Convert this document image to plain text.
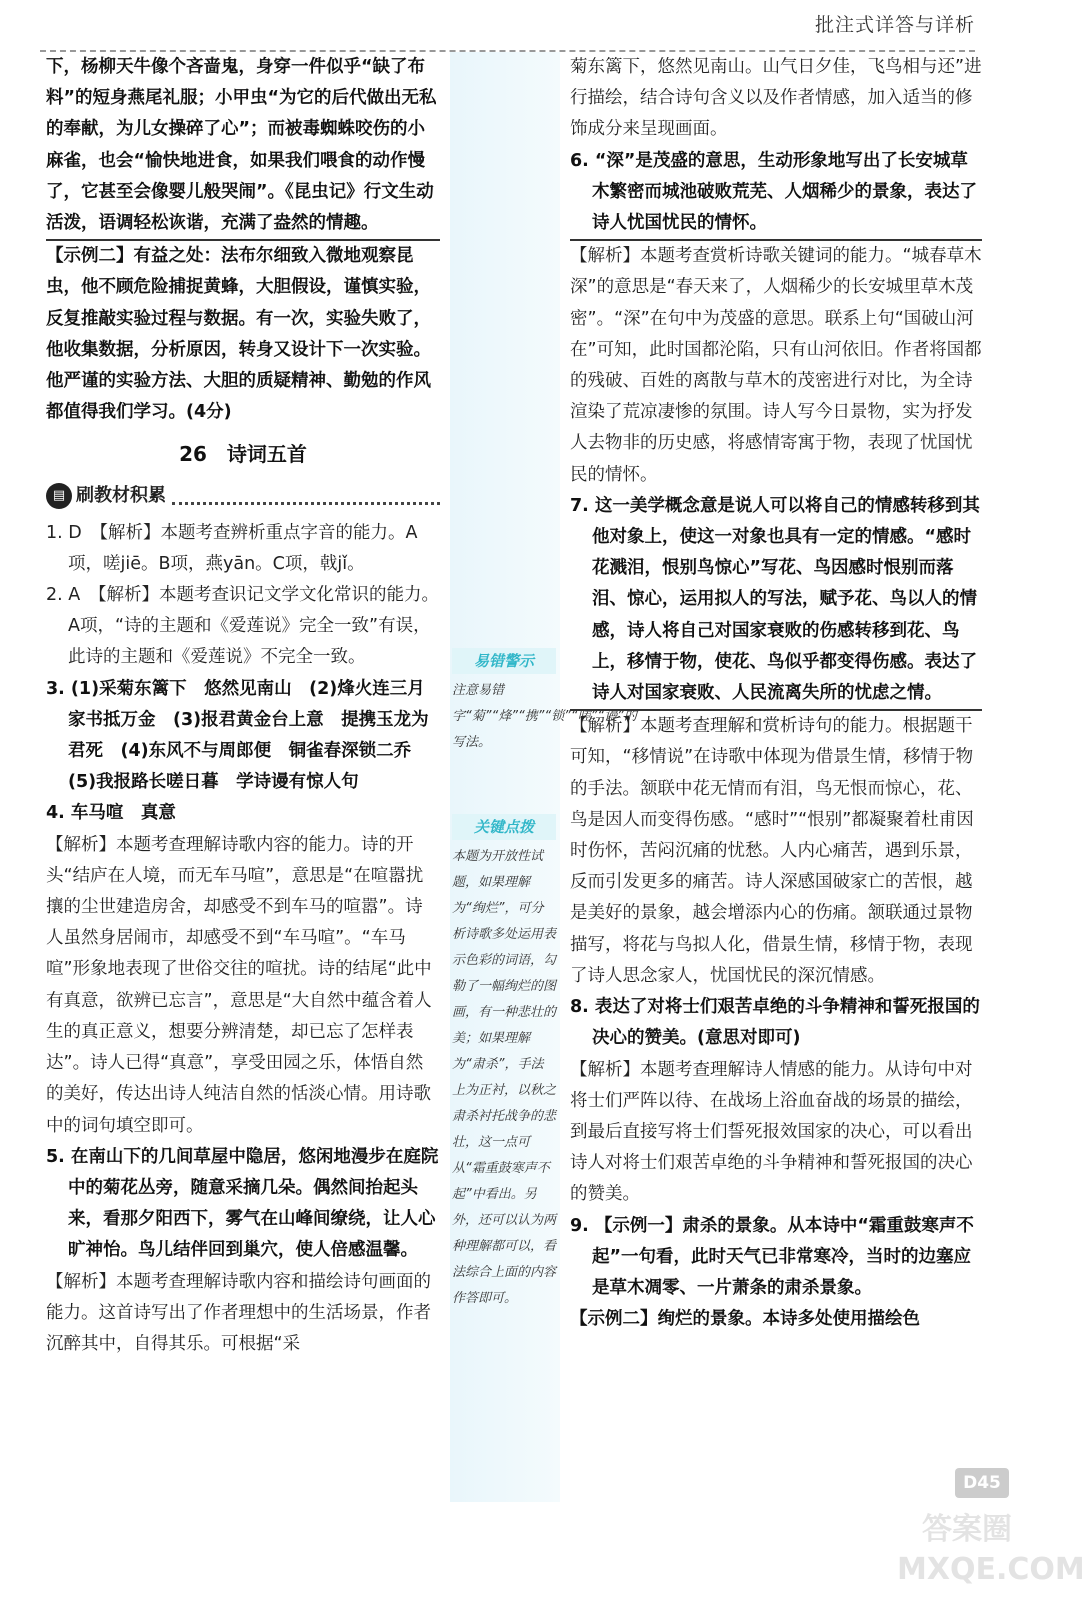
批注式详答与详析

下，杨柳天牛像个吝啬鬼，身穿一件似乎“缺了布料”的短身燕尾礼服；小甲虫“为它的后代做出无私的奉献，为儿女操碎了心”；而被毒蜘蛛咬伤的小麻雀，也会“愉快地进食，如果我们喂食的动作慢了，它甚至会像婴儿般哭闹”。《昆虫记》行文生动活泼，语调轻松诙谐，充满了盎然的情趣。

【示例二】有益之处：法布尔细致入微地观察昆虫，他不顾危险捕捉黄蜂，大胆假设，谨慎实验，反复推敲实验过程与数据。有一次，实验失败了，他收集数据，分析原因，转身又设计下一次实验。他严谨的实验方法、大胆的质疑精神、勤勉的作风都值得我们学习。(4分)

26　诗词五首
▤ 刷教材积累

1. D　【解析】本题考查辨析重点字音的能力。A项，嗟jiē。B项，燕yān。C项，戟jǐ。

2. A　【解析】本题考查识记文学文化常识的能力。A项，“诗的主题和《爱莲说》完全一致”有误，此诗的主题和《爱莲说》不完全一致。

3. (1)采菊东篱下　悠然见南山　(2)烽火连三月　家书抵万金　(3)报君黄金台上意　提携玉龙为君死　(4)东风不与周郎便　铜雀春深锁二乔　(5)我报路长嗟日暮　学诗谩有惊人句

4. 车马喧　真意

【解析】本题考查理解诗歌内容的能力。诗的开头“结庐在人境，而无车马喧”，意思是“在喧嚣扰攘的尘世建造房舍，却感受不到车马的喧嚣”。诗人虽然身居闹市，却感受不到“车马喧”。“车马喧”形象地表现了世俗交往的喧扰。诗的结尾“此中有真意，欲辨已忘言”，意思是“大自然中蕴含着人生的真正意义，想要分辨清楚，却已忘了怎样表达”。诗人已得“真意”，享受田园之乐，体悟自然的美好，传达出诗人纯洁自然的恬淡心情。用诗歌中的词句填空即可。

5. 在南山下的几间草屋中隐居，悠闲地漫步在庭院中的菊花丛旁，随意采摘几朵。偶然间抬起头来，看那夕阳西下，雾气在山峰间缭绕，让人心旷神怡。鸟儿结伴回到巢穴，使人倍感温馨。

【解析】本题考查理解诗歌内容和描绘诗句画面的能力。这首诗写出了作者理想中的生活场景，作者沉醉其中，自得其乐。可根据“采

易错警示
注意易错字“菊”“烽”“携”“锁”“嗟”“谩”的写法。
关键点拨
本题为开放性试题，如果理解为“绚烂”，可分析诗歌多处运用表示色彩的词语，勾勒了一幅绚烂的图画，有一种悲壮的美；如果理解为“肃杀”，手法上为正衬，以秋之肃杀衬托战争的悲壮，这一点可从“霜重鼓寒声不起”中看出。另外，还可以认为两种理解都可以，看法综合上面的内容作答即可。

菊东篱下，悠然见南山。山气日夕佳，飞鸟相与还”进行描绘，结合诗句含义以及作者情感，加入适当的修饰成分来呈现画面。

6. “深”是茂盛的意思，生动形象地写出了长安城草木繁密而城池破败荒芜、人烟稀少的景象，表达了诗人忧国忧民的情怀。

【解析】本题考查赏析诗歌关键词的能力。“城春草木深”的意思是“春天来了，人烟稀少的长安城里草木茂密”。“深”在句中为茂盛的意思。联系上句“国破山河在”可知，此时国都沦陷，只有山河依旧。作者将国都的残破、百姓的离散与草木的茂密进行对比，为全诗渲染了荒凉凄惨的氛围。诗人写今日景物，实为抒发人去物非的历史感，将感情寄寓于物，表现了忧国忧民的情怀。

7. 这一美学概念意是说人可以将自己的情感转移到其他对象上，使这一对象也具有一定的情感。“感时花溅泪，恨别鸟惊心”写花、鸟因感时恨别而落泪、惊心，运用拟人的写法，赋予花、鸟以人的情感，诗人将自己对国家衰败的伤感转移到花、鸟上，移情于物，使花、鸟似乎都变得伤感。表达了诗人对国家衰败、人民流离失所的忧虑之情。

【解析】本题考查理解和赏析诗句的能力。根据题干可知，“移情说”在诗歌中体现为借景生情，移情于物的手法。颔联中花无情而有泪，鸟无恨而惊心，花、鸟是因人而变得伤感。“感时”“恨别”都凝聚着杜甫因时伤怀，苦闷沉痛的忧愁。人内心痛苦，遇到乐景，反而引发更多的痛苦。诗人深感国破家亡的苦恨，越是美好的景象，越会增添内心的伤痛。颔联通过景物描写，将花与鸟拟人化，借景生情，移情于物，表现了诗人思念家人，忧国忧民的深沉情感。

8. 表达了对将士们艰苦卓绝的斗争精神和誓死报国的决心的赞美。(意思对即可)

【解析】本题考查理解诗人情感的能力。从诗句中对将士们严阵以待、在战场上浴血奋战的场景的描绘，到最后直接写将士们誓死报效国家的决心，可以看出诗人对将士们艰苦卓绝的斗争精神和誓死报国的决心的赞美。

9. 【示例一】肃杀的景象。从本诗中“霜重鼓寒声不起”一句看，此时天气已非常寒冷，当时的边塞应是草木凋零、一片萧条的肃杀景象。

【示例二】绚烂的景象。本诗多处使用描绘色

D45
答案圈 MXQE.COM
